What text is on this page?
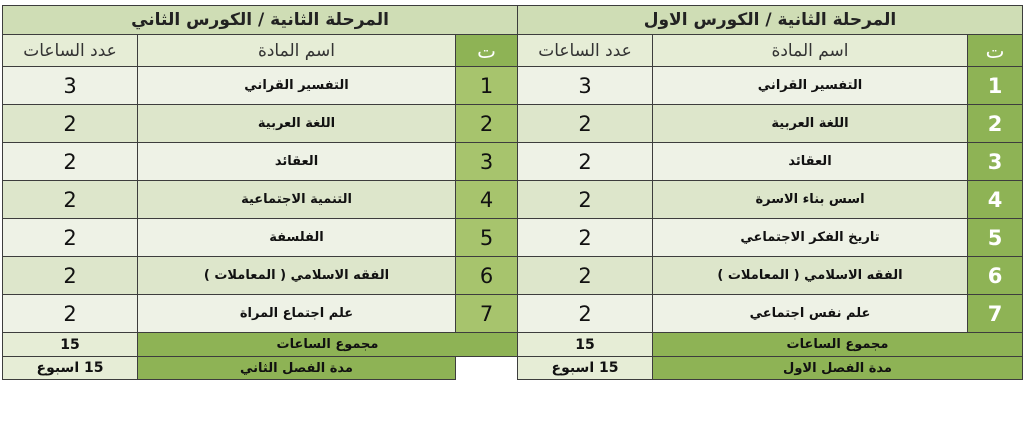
المرحلة الثانية / الكورس الثاني			المرحلة الثانية / الكورس الاول		
عدد الساعات	اسم المادة	ت	عدد الساعات	اسم المادة	ت
3	التفسير القراني	1	3	التفسير القراني	1
2	اللغة العربية	2	2	اللغة العربية	2
2	العقائد	3	2	العقائد	3
2	التنمية الاجتماعية	4	2	اسس بناء الاسرة	4
2	الفلسفة	5	2	تاريخ الفكر الاجتماعي	5
2	الفقه الاسلامي ( المعاملات )	6	2	الفقه الاسلامي ( المعاملات )	6
2	علم اجتماع المراة	7	2	علم نفس اجتماعي	7
15	مجموع الساعات		15	مجموع الساعات	
15 اسبوع	مدة الفصل الثاني		15 اسبوع	مدة الفصل الاول	
